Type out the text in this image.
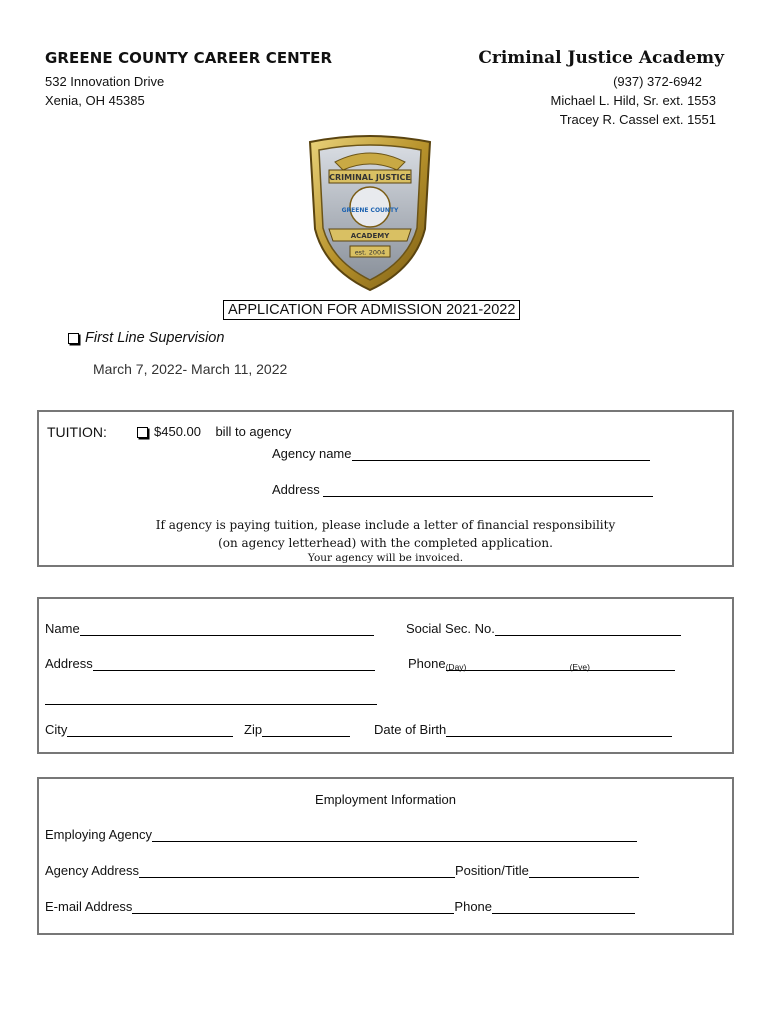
GREENE COUNTY CAREER CENTER
532 Innovation Drive
Xenia, OH 45385
Criminal Justice Academy
(937) 372-6942
Michael L. Hild, Sr. ext. 1553
Tracey R. Cassel ext. 1551
CRIMINAL JUSTICE
GREENE COUNTY
ACADEMY
est. 2004
APPLICATION FOR ADMISSION 2021-2022
First Line Supervision
March 7, 2022- March 11, 2022
TUITION:	$450.00 bill to agency
Agency name
Address
If agency is paying tuition, please include a letter of financial responsibility
(on agency letterhead) with the completed application.
Your agency will be invoiced.
Name	Social Sec. No.
Address	Phone (Day)	(Eve)
City	Zip	Date of Birth
Employment Information
Employing Agency
Agency Address	Position/Title
E-mail Address	Phone
